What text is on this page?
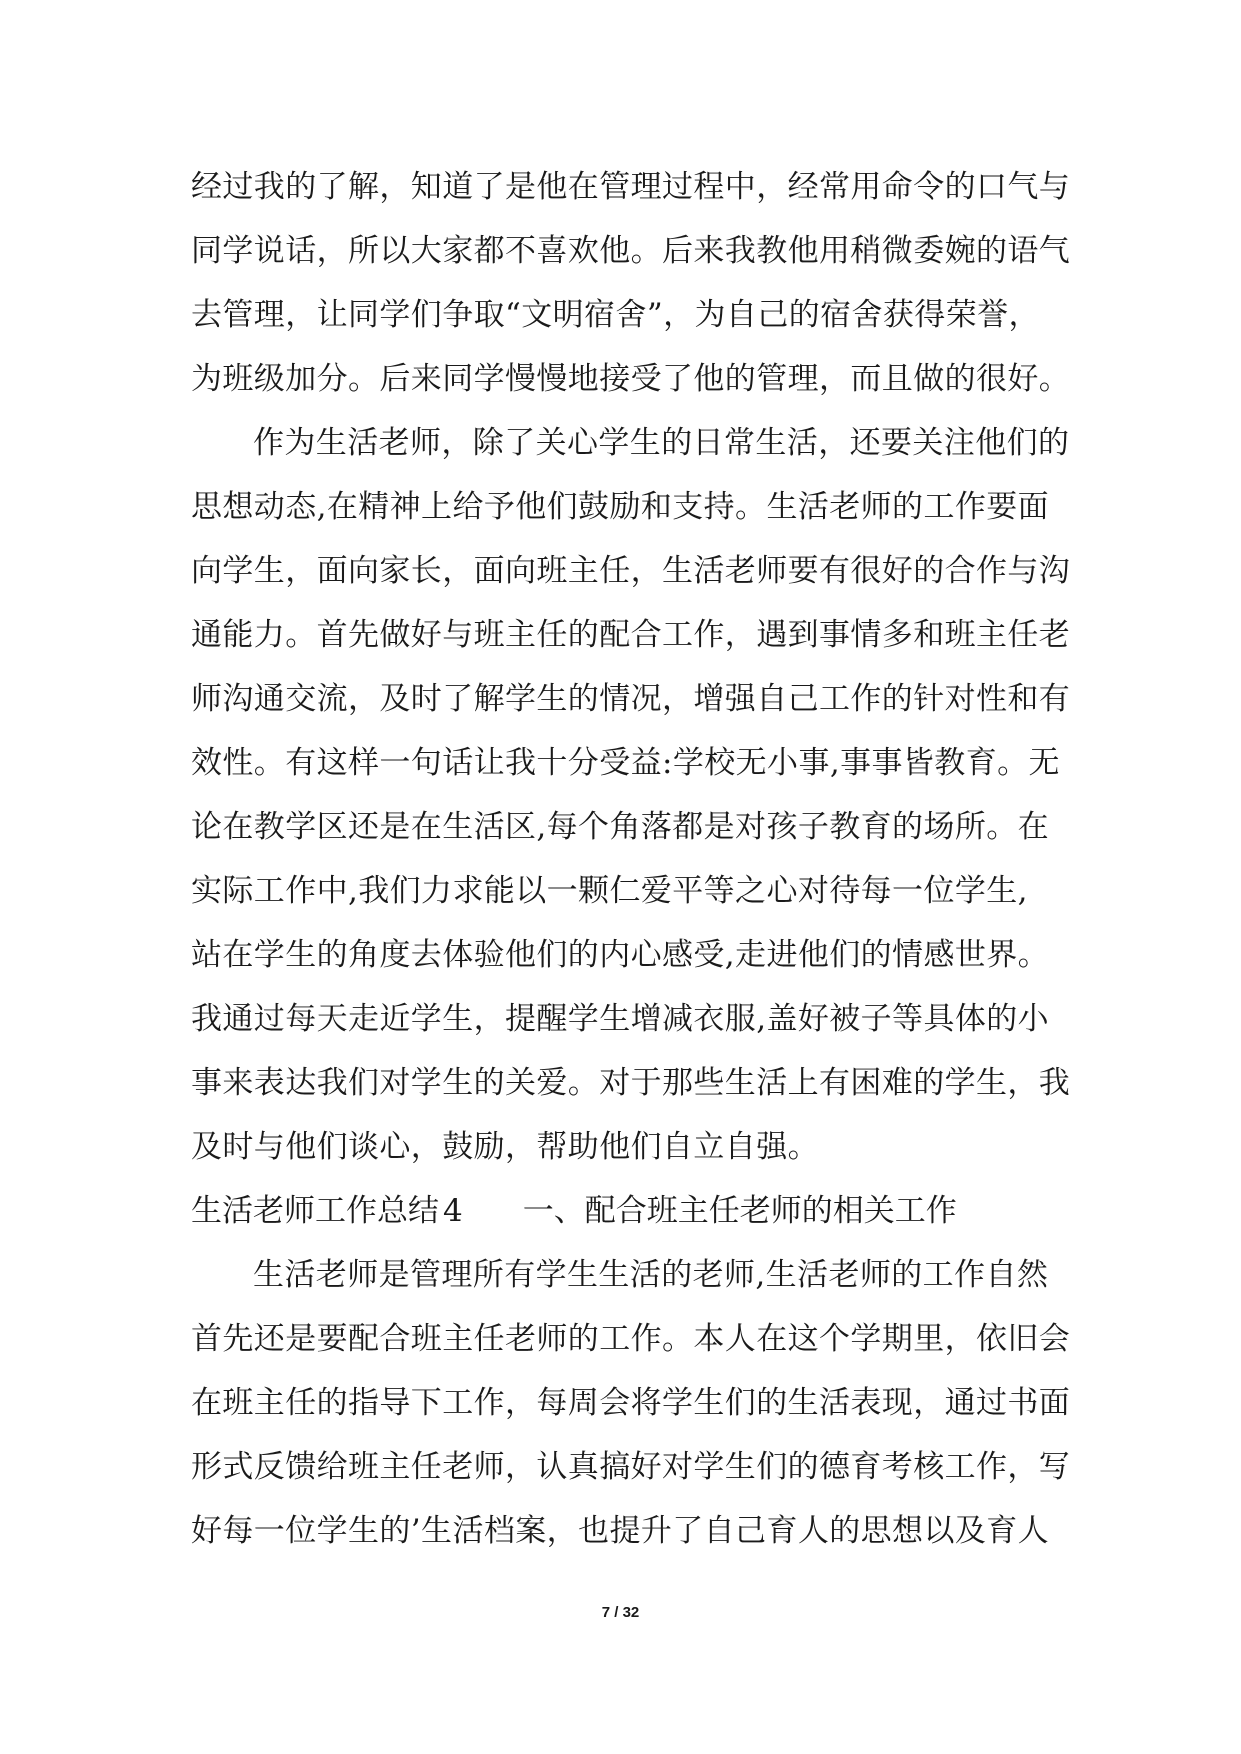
经过我的了解，知道了是他在管理过程中，经常用命令的口气与
同学说话，所以大家都不喜欢他。后来我教他用稍微委婉的语气
去管理，让同学们争取“文明宿舍”，为自己的宿舍获得荣誉，
为班级加分。后来同学慢慢地接受了他的管理，而且做的很好。
作为生活老师，除了关心学生的日常生活，还要关注他们的
思想动态,在精神上给予他们鼓励和支持。生活老师的工作要面
向学生，面向家长，面向班主任，生活老师要有很好的合作与沟
通能力。首先做好与班主任的配合工作，遇到事情多和班主任老
师沟通交流，及时了解学生的情况，增强自己工作的针对性和有
效性。有这样一句话让我十分受益:学校无小事,事事皆教育。无
论在教学区还是在生活区,每个角落都是对孩子教育的场所。在
实际工作中,我们力求能以一颗仁爱平等之心对待每一位学生,
站在学生的角度去体验他们的内心感受,走进他们的情感世界。
我通过每天走近学生，提醒学生增减衣服,盖好被子等具体的小
事来表达我们对学生的关爱。对于那些生活上有困难的学生，我
及时与他们谈心，鼓励，帮助他们自立自强。
生活老师工作总结 4 一、配合班主任老师的相关工作
生活老师是管理所有学生生活的老师,生活老师的工作自然
首先还是要配合班主任老师的工作。本人在这个学期里，依旧会
在班主任的指导下工作，每周会将学生们的生活表现，通过书面
形式反馈给班主任老师，认真搞好对学生们的德育考核工作，写
好每一位学生的’生活档案，也提升了自己育人的思想以及育人
7 / 32
